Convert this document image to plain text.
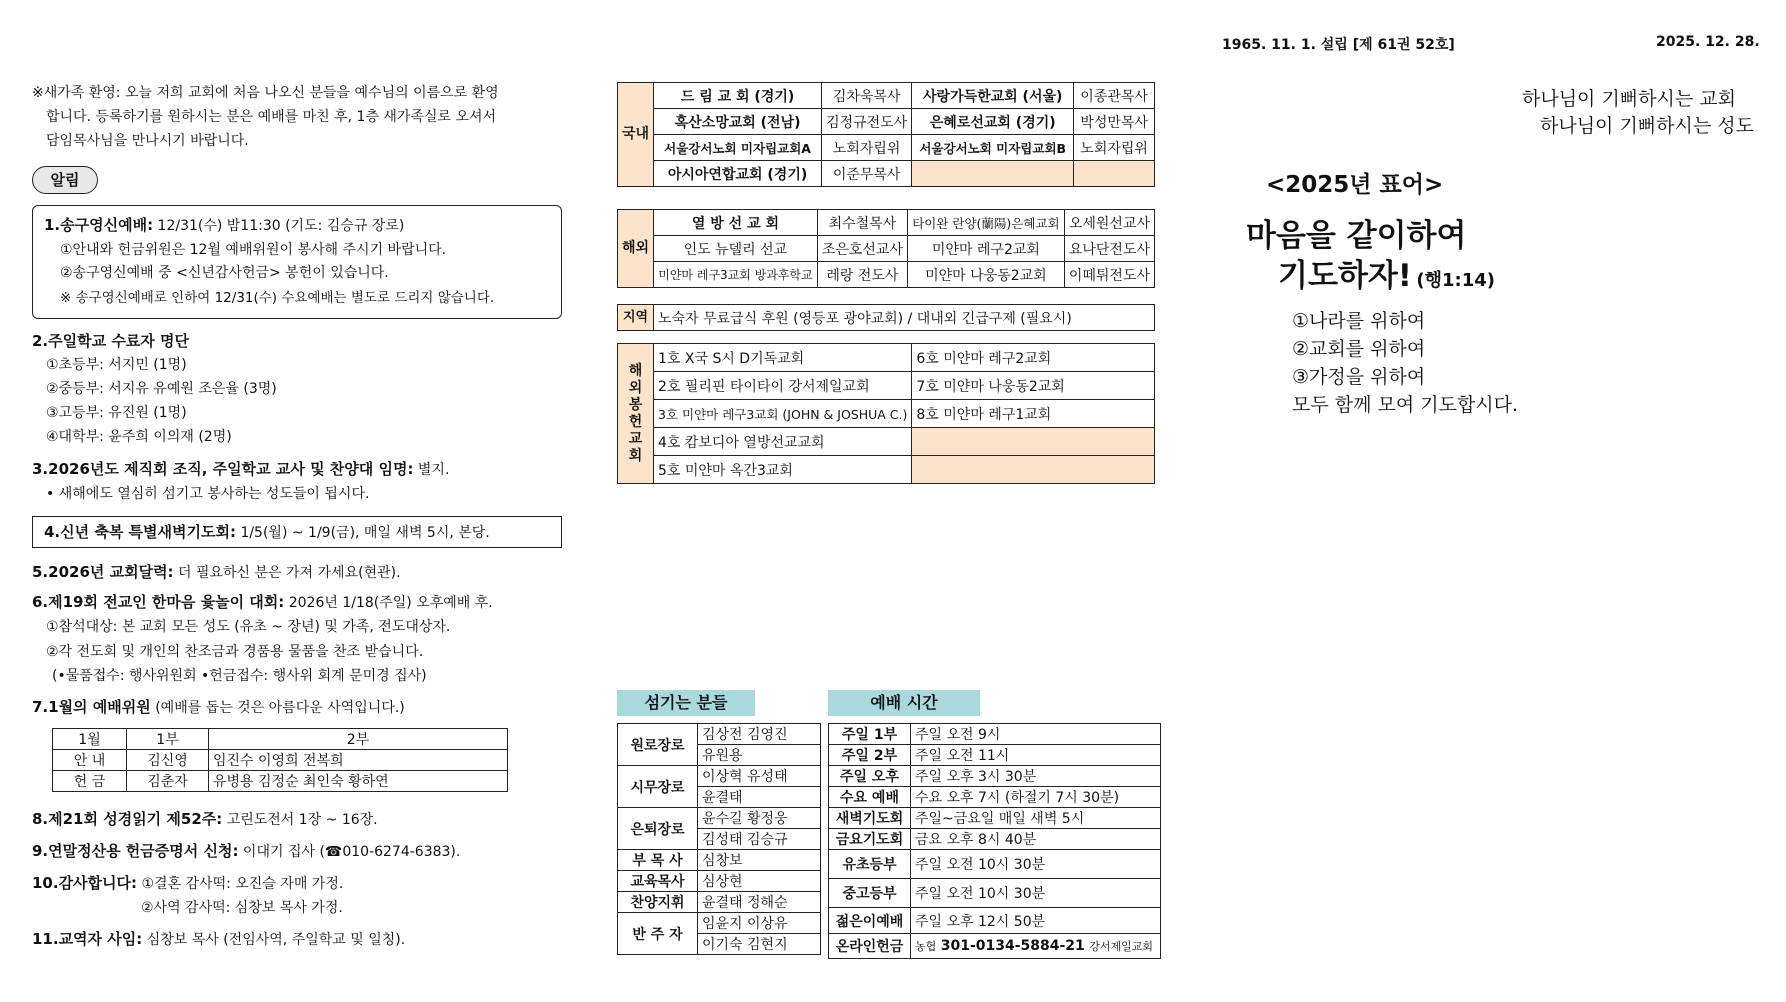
1965. 11. 1. 설립 [제 61권 52호]	2025. 12. 28.
※새가족 환영: 오늘 저희 교회에 처음 나오신 분들을 예수님의 이름으로 환영
합니다. 등록하기를 원하시는 분은 예배를 마친 후, 1층 새가족실로 오셔서
담임목사님을 만나시기 바랍니다.
알림
1.송구영신예배: 12/31(수) 밤11:30 (기도: 김승규 장로)
①안내와 헌금위원은 12월 예배위원이 봉사해 주시기 바랍니다.
②송구영신예배 중 <신년감사헌금> 봉헌이 있습니다.
※ 송구영신예배로 인하여 12/31(수) 수요예배는 별도로 드리지 않습니다.
2.주일학교 수료자 명단
①초등부: 서지민 (1명)
②중등부: 서지유 유예원 조은율 (3명)
③고등부: 유진원 (1명)
④대학부: 윤주희 이의재 (2명)
3.2026년도 제직회 조직, 주일학교 교사 및 찬양대 임명: 별지.
• 새해에도 열심히 섬기고 봉사하는 성도들이 됩시다.
4.신년 축복 특별새벽기도회: 1/5(월) ~ 1/9(금), 매일 새벽 5시, 본당.
5.2026년 교회달력: 더 필요하신 분은 가져 가세요(현관).
6.제19회 전교인 한마음 윷놀이 대회: 2026년 1/18(주일) 오후예배 후.
①참석대상: 본 교회 모든 성도 (유초 ~ 장년) 및 가족, 전도대상자.
②각 전도회 및 개인의 찬조금과 경품용 물품을 찬조 받습니다.
(•물품접수: 행사위원회 •헌금접수: 행사위 회계 문미경 집사)
7.1월의 예배위원 (예배를 돕는 것은 아름다운 사역입니다.)
1월	1부	2부
안 내	김신영	임진수 이영희 전복희
헌 금	김춘자	유병용 김정순 최인숙 황하연
8.제21회 성경읽기 제52주: 고린도전서 1장 ~ 16장.
9.연말정산용 헌금증명서 신청: 이대기 집사 (☎010-6274-6383).
10.감사합니다: ①결혼 감사떡: 오진슬 자매 가정.
②사역 감사떡: 심창보 목사 가정.
11.교역자 사임: 심창보 목사 (전임사역, 주일학교 및 일칭).
국내	드 림 교 회 (경기)	김차욱목사	사랑가득한교회 (서울)	이종관목사
	혹산소망교회 (전남)	김정규전도사	은혜로선교회 (경기)	박성만목사
	서울강서노회 미자립교회A	노회자립위	서울강서노회 미자립교회B	노회자립위
	아시아연합교회 (경기)	이준무목사		
해외	열 방 선 교 회	최수철목사	타이완 란양(蘭陽)은혜교회	오세원선교사
	인도 뉴델리 선교	조은호선교사	미얀마 레구2교회	요나단전도사
	미얀마 레구3교회 방과후학교	레랑 전도사	미얀마 나웅동2교회	이떼튀전도사
지역	노숙자 무료급식 후원 (영등포 광야교회) / 대내외 긴급구제 (필요시)
해외봉헌교회	1호 X국 S시 D기독교회	6호 미얀마 레구2교회
	2호 필리핀 타이타이 강서제일교회	7호 미얀마 나웅동2교회
	3호 미얀마 레구3교회 (JOHN & JOSHUA C.)	8호 미얀마 레구1교회
	4호 캄보디아 열방선교교회	
	5호 미얀마 옥간3교회	
섬기는 분들
원로장로	김상전 김영진
	유원용
시무장로	이상혁 유성태
	윤결태
은퇴장로	윤수길 황정웅
	김성태 김승규
부 목 사	심창보
교육목사	심상현
찬양지휘	윤결태 정해순
반 주 자	임윤지 이상유
	이기숙 김현지
예배 시간
주일 1부	주일 오전 9시
주일 2부	주일 오전 11시
주일 오후	주일 오후 3시 30분
수요 예배	수요 오후 7시 (하절기 7시 30분)
새벽기도회	주일~금요일 매일 새벽 5시
금요기도회	금요 오후 8시 40분
유초등부	주일 오전 10시 30분
중고등부	주일 오전 10시 30분
젊은이예배	주일 오후 12시 50분
온라인헌금	농협 301-0134-5884-21 강서제일교회
하나님이 기뻐하시는 교회
하나님이 기뻐하시는 성도
<2025년 표어>
마음을 같이하여
기도하자! (행1:14)
①나라를 위하여
②교회를 위하여
③가정을 위하여
모두 함께 모여 기도합시다.
